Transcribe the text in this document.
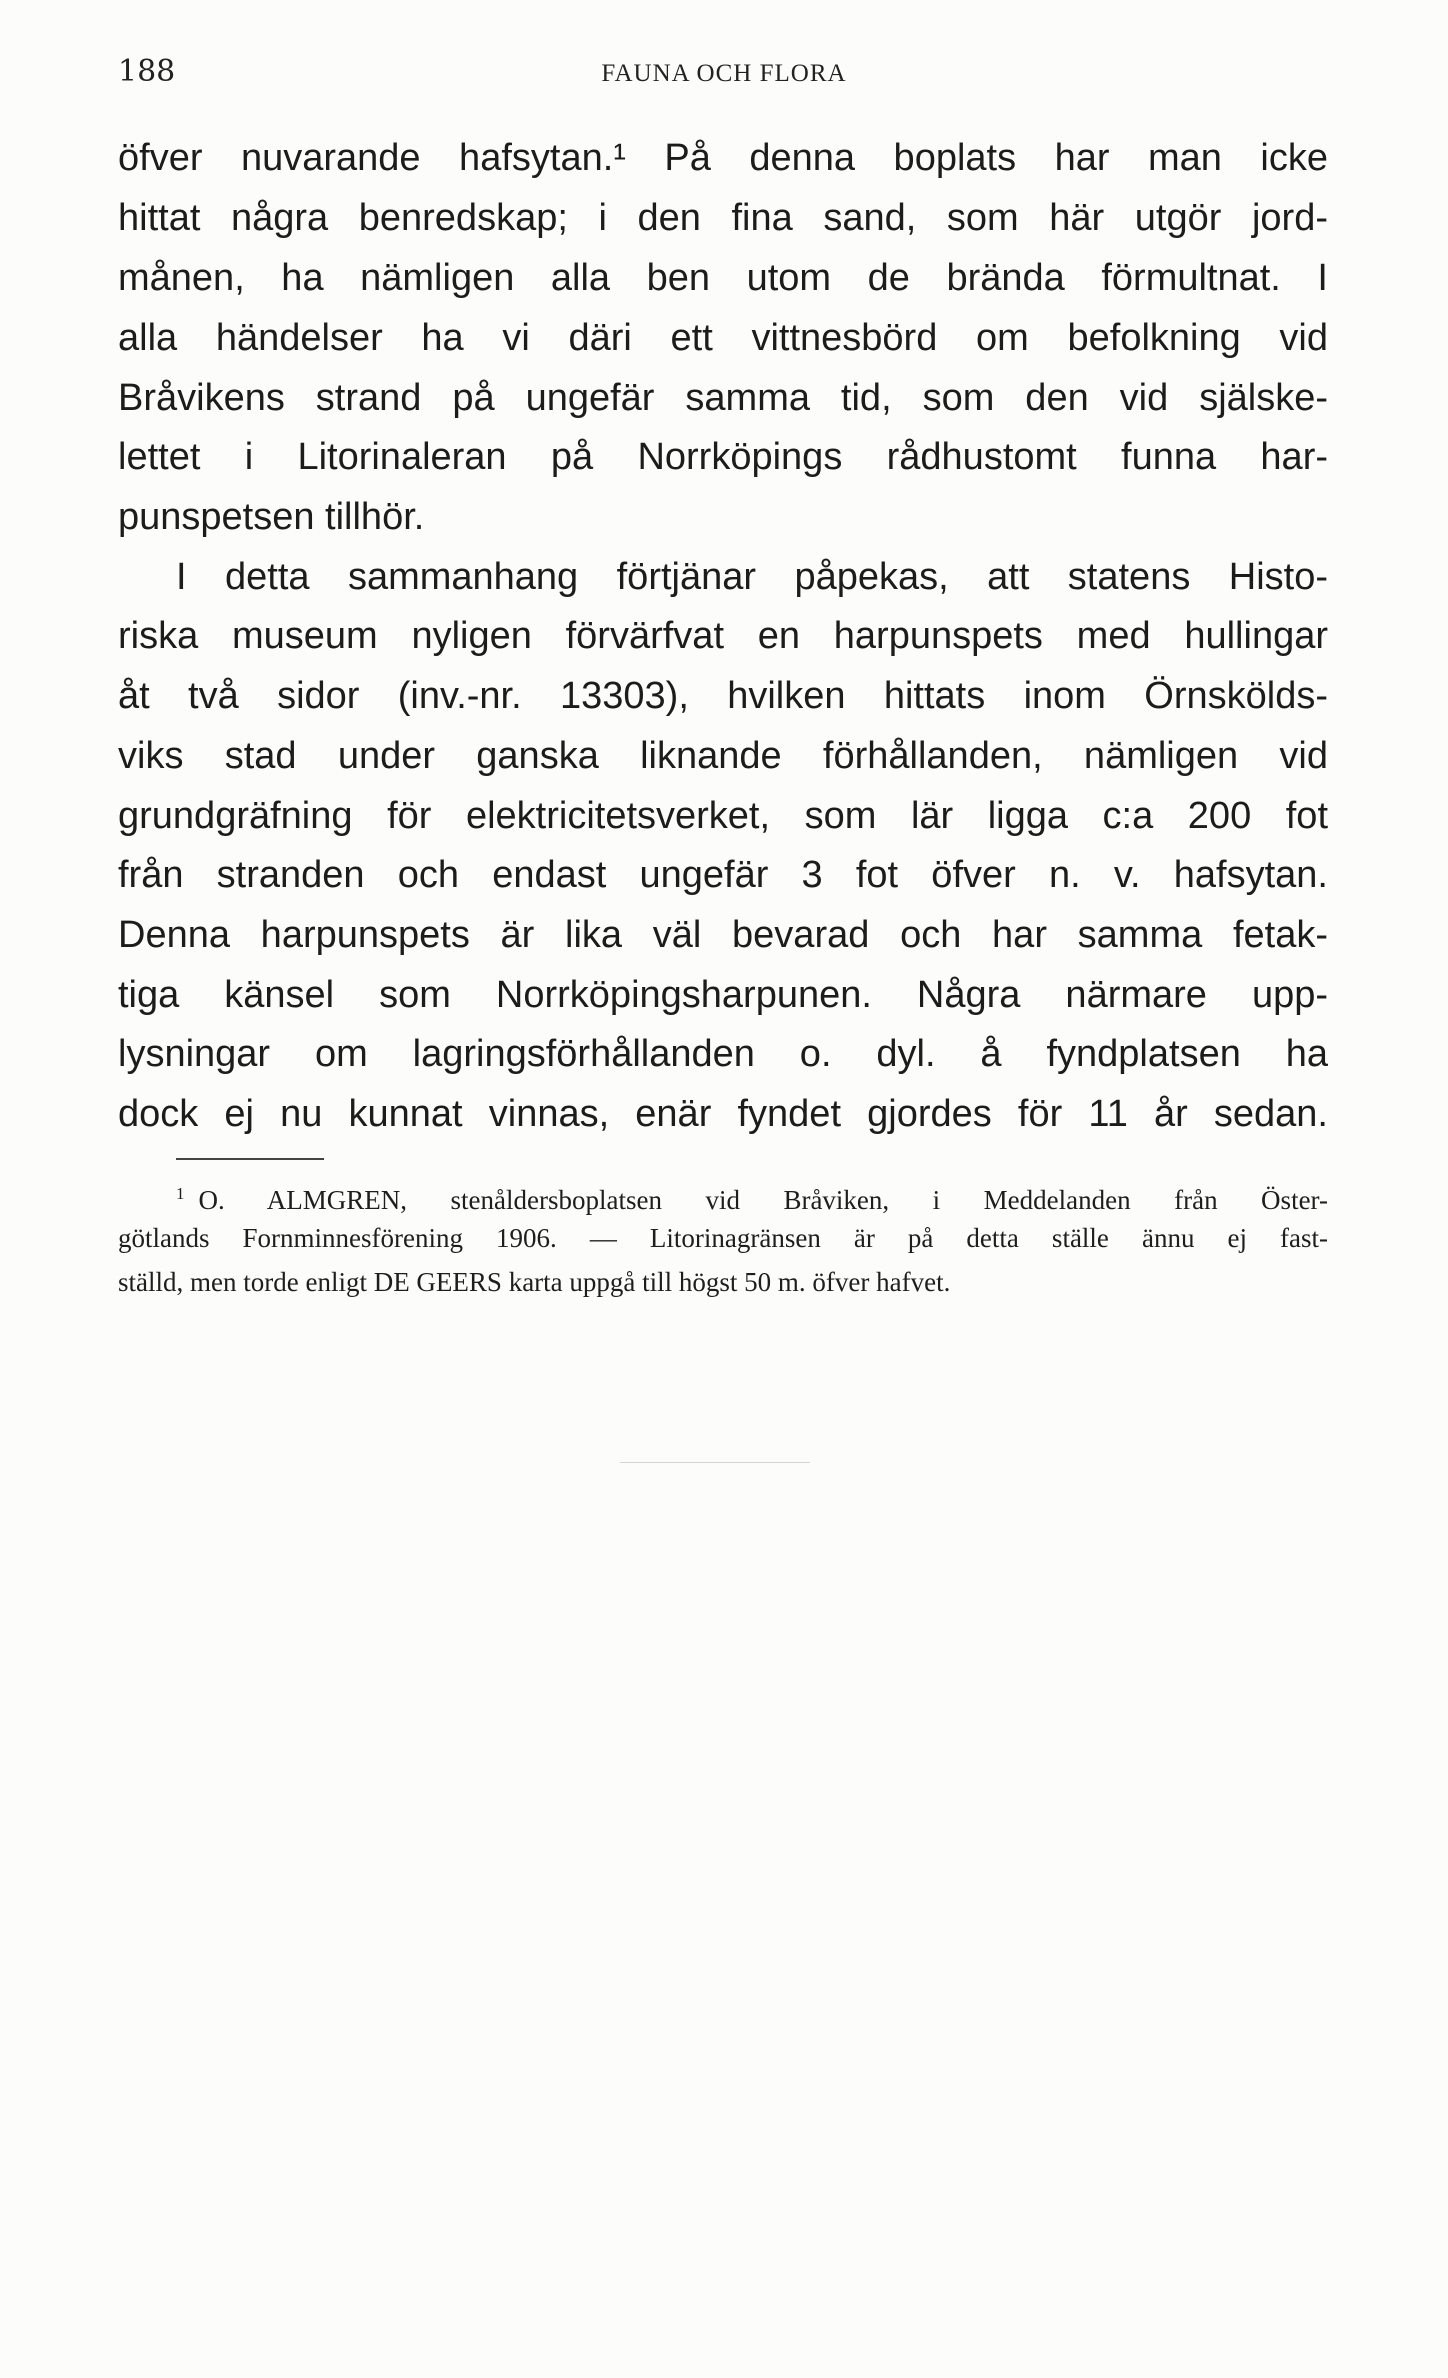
188	FAUNA OCH FLORA

öfver nuvarande hafsytan.¹ På denna boplats har man icke

hittat några benredskap; i den fina sand, som här utgör jord-

månen, ha nämligen alla ben utom de brända förmultnat. I

alla händelser ha vi däri ett vittnesbörd om befolkning vid

Bråvikens strand på ungefär samma tid, som den vid själske-

lettet i Litorinaleran på Norrköpings rådhustomt funna har-

punspetsen tillhör.

I detta sammanhang förtjänar påpekas, att statens Histo-

riska museum nyligen förvärfvat en harpunspets med hullingar

åt två sidor (inv.-nr. 13303), hvilken hittats inom Örnskölds-

viks stad under ganska liknande förhållanden, nämligen vid

grundgräfning för elektricitetsverket, som lär ligga c:a 200 fot

från stranden och endast ungefär 3 fot öfver n. v. hafsytan.

Denna harpunspets är lika väl bevarad och har samma fetak-

tiga känsel som Norrköpingsharpunen. Några närmare upp-

lysningar om lagringsförhållanden o. dyl. å fyndplatsen ha

dock ej nu kunnat vinnas, enär fyndet gjordes för 11 år sedan.

$^1$ O. ALMGREN, stenåldersboplatsen vid Bråviken, i Meddelanden från Öster-

götlands Fornminnesförening 1906. — Litorinagränsen är på detta ställe ännu ej fast-

ställd, men torde enligt DE GEERS karta uppgå till högst 50 m. öfver hafvet.
